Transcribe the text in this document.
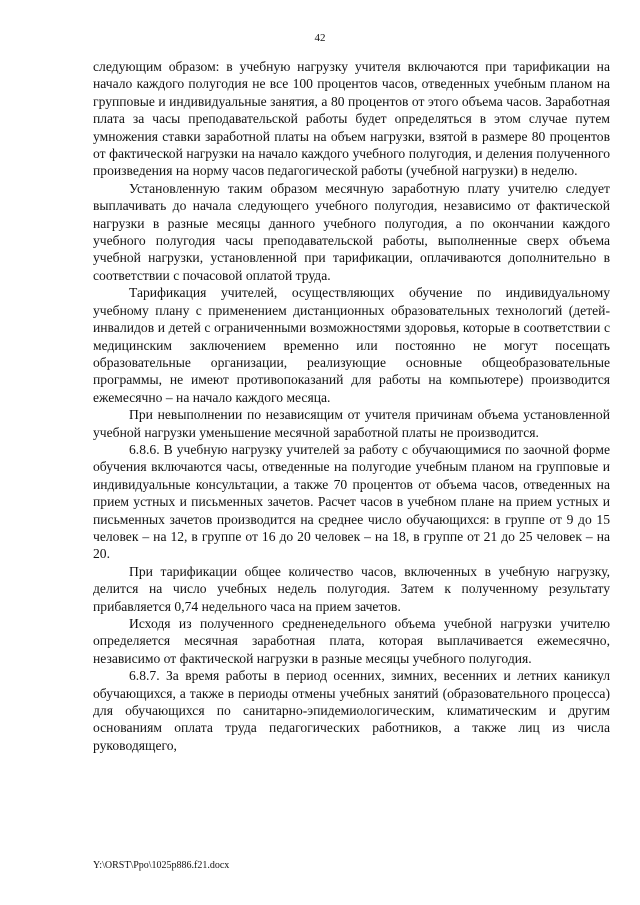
42

следующим образом: в учебную нагрузку учителя включаются при тарификации на начало каждого полугодия не все 100 процентов часов, отведенных учебным планом на групповые и индивидуальные занятия, а 80 процентов от этого объема часов. Заработная плата за часы преподавательской работы будет определяться в этом случае путем умножения ставки заработной платы на объем нагрузки, взятой в размере 80 процентов от фактической нагрузки на начало каждого учебного полугодия, и деления полученного произведения на норму часов педагогической работы (учебной нагрузки) в неделю.

Установленную таким образом месячную заработную плату учителю следует выплачивать до начала следующего учебного полугодия, независимо от фактической нагрузки в разные месяцы данного учебного полугодия, а по окончании каждого учебного полугодия часы преподавательской работы, выполненные сверх объема учебной нагрузки, установленной при тарификации, оплачиваются дополнительно в соответствии с почасовой оплатой труда.

Тарификация учителей, осуществляющих обучение по индивидуальному учебному плану с применением дистанционных образовательных технологий (детей-инвалидов и детей с ограниченными возможностями здоровья, которые в соответствии с медицинским заключением временно или постоянно не могут посещать образовательные организации, реализующие основные общеобразовательные программы, не имеют противопоказаний для работы на компьютере) производится ежемесячно – на начало каждого месяца.

При невыполнении по независящим от учителя причинам объема установленной учебной нагрузки уменьшение месячной заработной платы не производится.

6.8.6. В учебную нагрузку учителей за работу с обучающимися по заочной форме обучения включаются часы, отведенные на полугодие учебным планом на групповые и индивидуальные консультации, а также 70 процентов от объема часов, отведенных на прием устных и письменных зачетов. Расчет часов в учебном плане на прием устных и письменных зачетов производится на среднее число обучающихся: в группе от 9 до 15 человек – на 12, в группе от 16 до 20 человек – на 18, в группе от 21 до 25 человек – на 20.

При тарификации общее количество часов, включенных в учебную нагрузку, делится на число учебных недель полугодия. Затем к полученному результату прибавляется 0,74 недельного часа на прием зачетов.

Исходя из полученного средненедельного объема учебной нагрузки учителю определяется месячная заработная плата, которая выплачивается ежемесячно, независимо от фактической нагрузки в разные месяцы учебного полугодия.

6.8.7. За время работы в период осенних, зимних, весенних и летних каникул обучающихся, а также в периоды отмены учебных занятий (образовательного процесса) для обучающихся по санитарно-эпидемиологическим, климатическим и другим основаниям оплата труда педагогических работников, а также лиц из числа руководящего,

Y:\ORST\Ppo\1025p886.f21.docx
